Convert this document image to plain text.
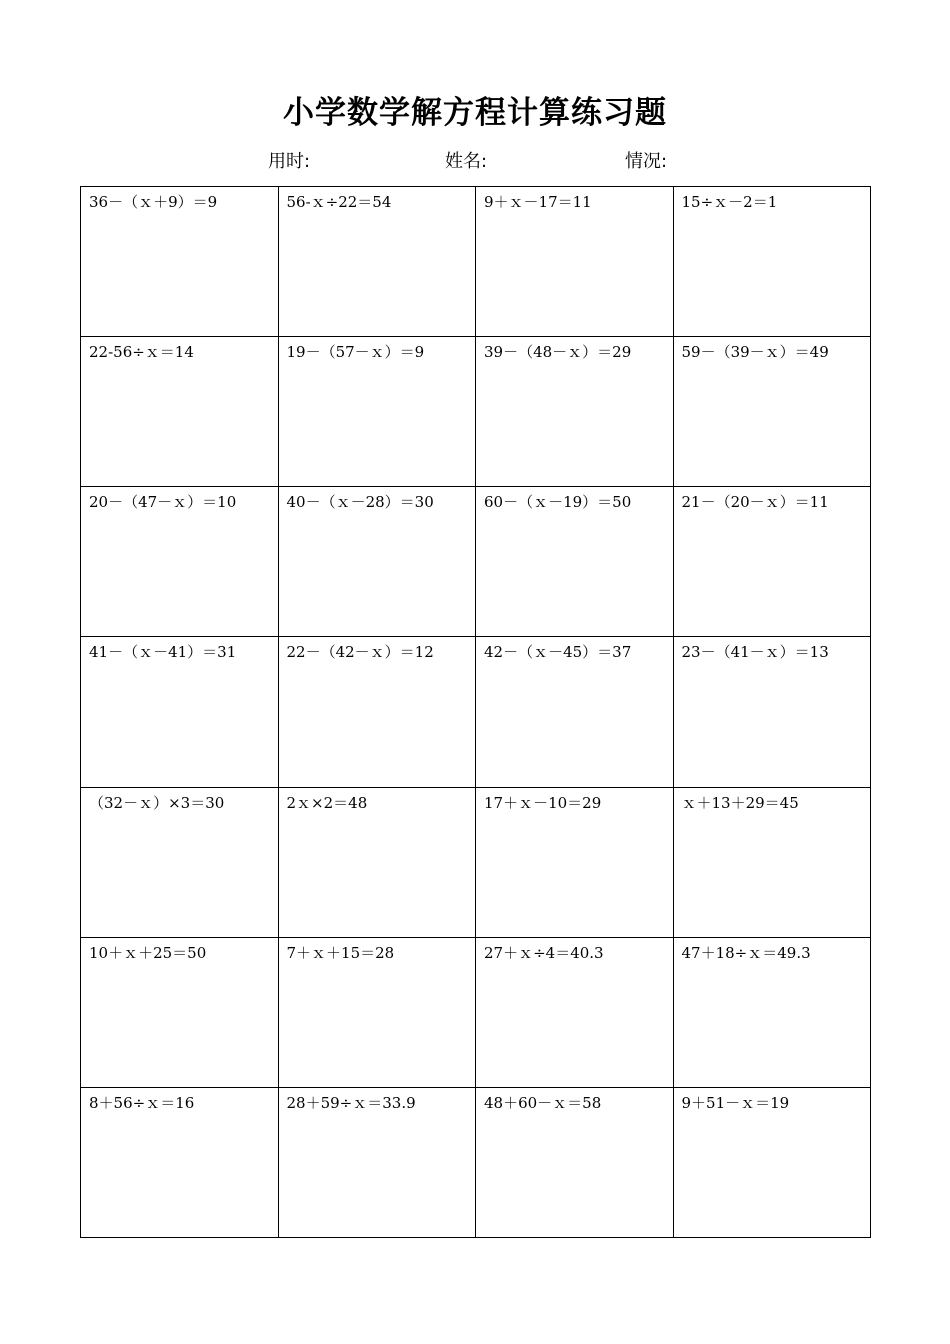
小学数学解方程计算练习题
用时:	姓名:	情况:
36－（ｘ＋9）＝9	56-ｘ÷22＝54	9＋ｘ－17＝11	15÷ｘ－2＝1
22-56÷ｘ＝14	19－（57－ｘ）＝9	39－（48－ｘ）＝29	59－（39－ｘ）＝49
20－（47－ｘ）＝10	40－（ｘ－28）＝30	60－（ｘ－19）＝50	21－（20－ｘ）＝11
41－（ｘ－41）＝31	22－（42－ｘ）＝12	42－（ｘ－45）＝37	23－（41－ｘ）＝13
（32－ｘ）×3＝30	2ｘ×2＝48	17＋ｘ－10＝29	ｘ＋13＋29＝45
10＋ｘ＋25＝50	7＋ｘ＋15＝28	27＋ｘ÷4＝40.3	47＋18÷ｘ＝49.3
8＋56÷ｘ＝16	28＋59÷ｘ＝33.9	48＋60－ｘ＝58	9＋51－ｘ＝19
